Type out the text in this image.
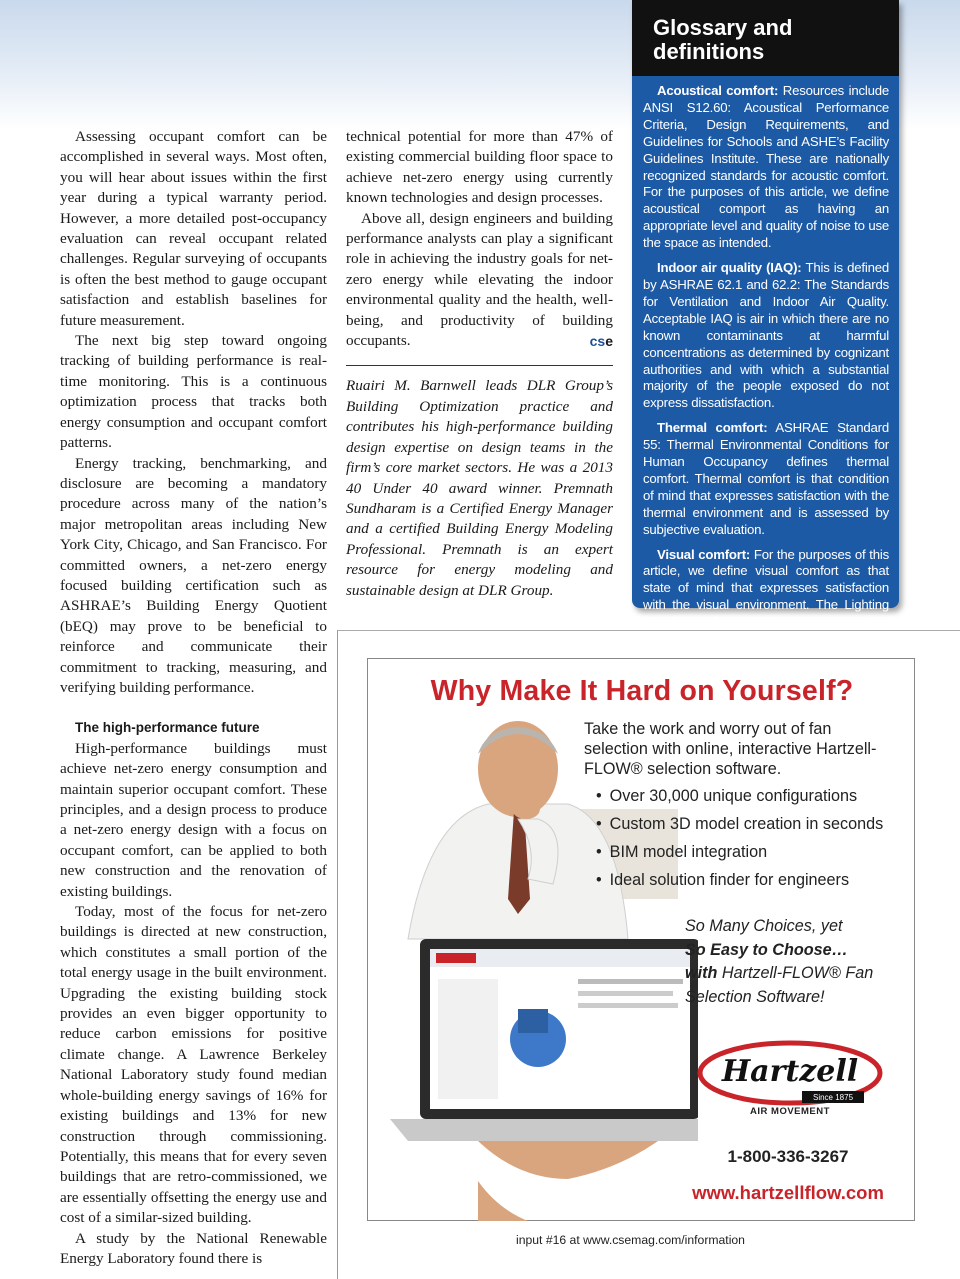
Assessing occupant comfort can be accomplished in several ways. Most often, you will hear about issues within the first year during a typical warranty period. However, a more detailed post-occupancy evaluation can reveal occupant related challenges. Regular surveying of occupants is often the best method to gauge occupant satisfaction and establish baselines for future measurement.

The next big step toward ongoing tracking of building performance is real-time monitoring. This is a continuous optimization process that tracks both energy consumption and occupant comfort patterns.

Energy tracking, benchmarking, and disclosure are becoming a mandatory procedure across many of the nation’s major metropolitan areas including New York City, Chicago, and San Francisco. For committed owners, a net-zero energy focused building certification such as ASHRAE’s Building Energy Quotient (bEQ) may prove to be beneficial to reinforce and communicate their commitment to tracking, measuring, and verifying building performance.

The high-performance future

High-performance buildings must achieve net-zero energy consumption and maintain superior occupant comfort. These principles, and a design process to produce a net-zero energy design with a focus on occupant comfort, can be applied to both new construction and the renovation of existing buildings.

Today, most of the focus for net-zero buildings is directed at new construction, which constitutes a small portion of the total energy usage in the built environment. Upgrading the existing building stock provides an even bigger opportunity to reduce carbon emissions for positive climate change. A Lawrence Berkeley National Laboratory study found median whole-building energy savings of 16% for existing buildings and 13% for new construction through commissioning. Potentially, this means that for every seven buildings that are retro-commissioned, we are essentially offsetting the energy use and cost of a similar-sized building.

A study by the National Renewable Energy Laboratory found there is

technical potential for more than 47% of existing commercial building floor space to achieve net-zero energy using currently known technologies and design processes.

Above all, design engineers and building performance analysts can play a significant role in achieving the industry goals for net-zero energy while elevating the indoor environmental quality and the health, well-being, and productivity of building occupants.	cse

Ruairi M. Barnwell leads DLR Group’s Building Optimization practice and contributes his high-performance building design expertise on design teams in the firm’s core market sectors. He was a 2013 40 Under 40 award winner. Premnath Sundharam is a Certified Energy Manager and a certified Building Energy Modeling Professional. Premnath is an expert resource for energy modeling and sustainable design at DLR Group.

Glossary and
definitions

Acoustical comfort: Resources include ANSI S12.60: Acoustical Performance Criteria, Design Requirements, and Guidelines for Schools and ASHE’s Facility Guidelines Institute. These are nationally recognized standards for acoustic comfort. For the purposes of this article, we define acoustical comport as having an appropriate level and quality of noise to use the space as intended.

Indoor air quality (IAQ): This is defined by ASHRAE 62.1 and 62.2: The Standards for Ventilation and Indoor Air Quality. Acceptable IAQ is air in which there are no known contaminants at harmful concentrations as determined by cognizant authorities and with which a substantial majority of the people exposed do not express dissatisfaction.

Thermal comfort: ASHRAE Standard 55: Thermal Environmental Conditions for Human Occupancy defines thermal comfort. Thermal comfort is that condition of mind that expresses satisfaction with the thermal environment and is assessed by subjective evaluation.

Visual comfort: For the purposes of this article, we define visual comfort as that state of mind that expresses satisfaction with the visual environment. The Lighting Handbook from IES is a recognized guideline for visual comfort criteria.

Why Make It Hard on Yourself?
Take the work and worry out of fan selection with online, interactive Hartzell-FLOW® selection software.
• Over 30,000 unique configurations
• Custom 3D model creation in seconds
• BIM model integration
• Ideal solution finder for engineers
So Many Choices, yet
So Easy to Choose…
with Hartzell-FLOW® Fan Selection Software!
Hartzell
Since 1875
AIR MOVEMENT
1-800-336-3267
www.hartzellflow.com
input #16 at www.csemag.com/information
